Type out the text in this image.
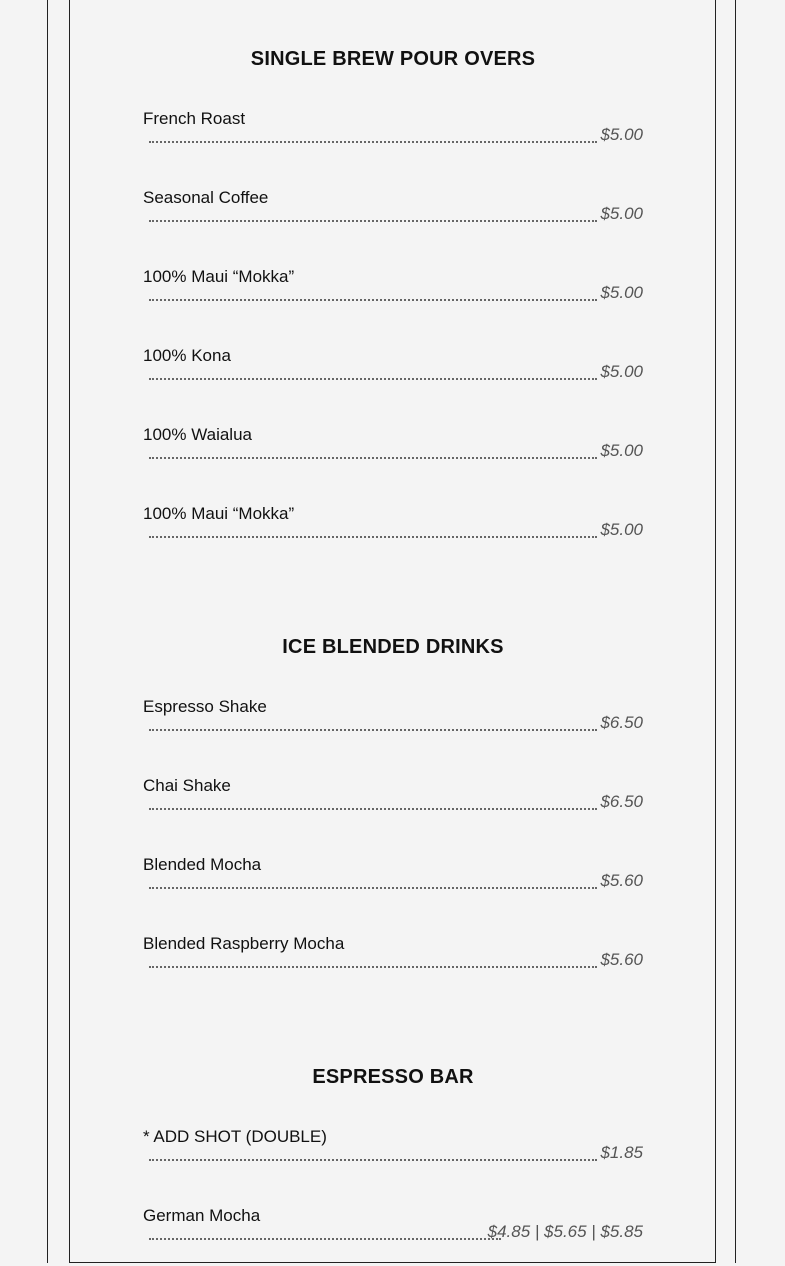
SINGLE BREW POUR OVERS
French Roast
$5.00
Seasonal Coffee
$5.00
100% Maui “Mokka”
$5.00
100% Kona
$5.00
100% Waialua
$5.00
100% Maui “Mokka”
$5.00
ICE BLENDED DRINKS
Espresso Shake
$6.50
Chai Shake
$6.50
Blended Mocha
$5.60
Blended Raspberry Mocha
$5.60
ESPRESSO BAR
* ADD SHOT (DOUBLE)
$1.85
German Mocha
$4.85 | $5.65 | $5.85
